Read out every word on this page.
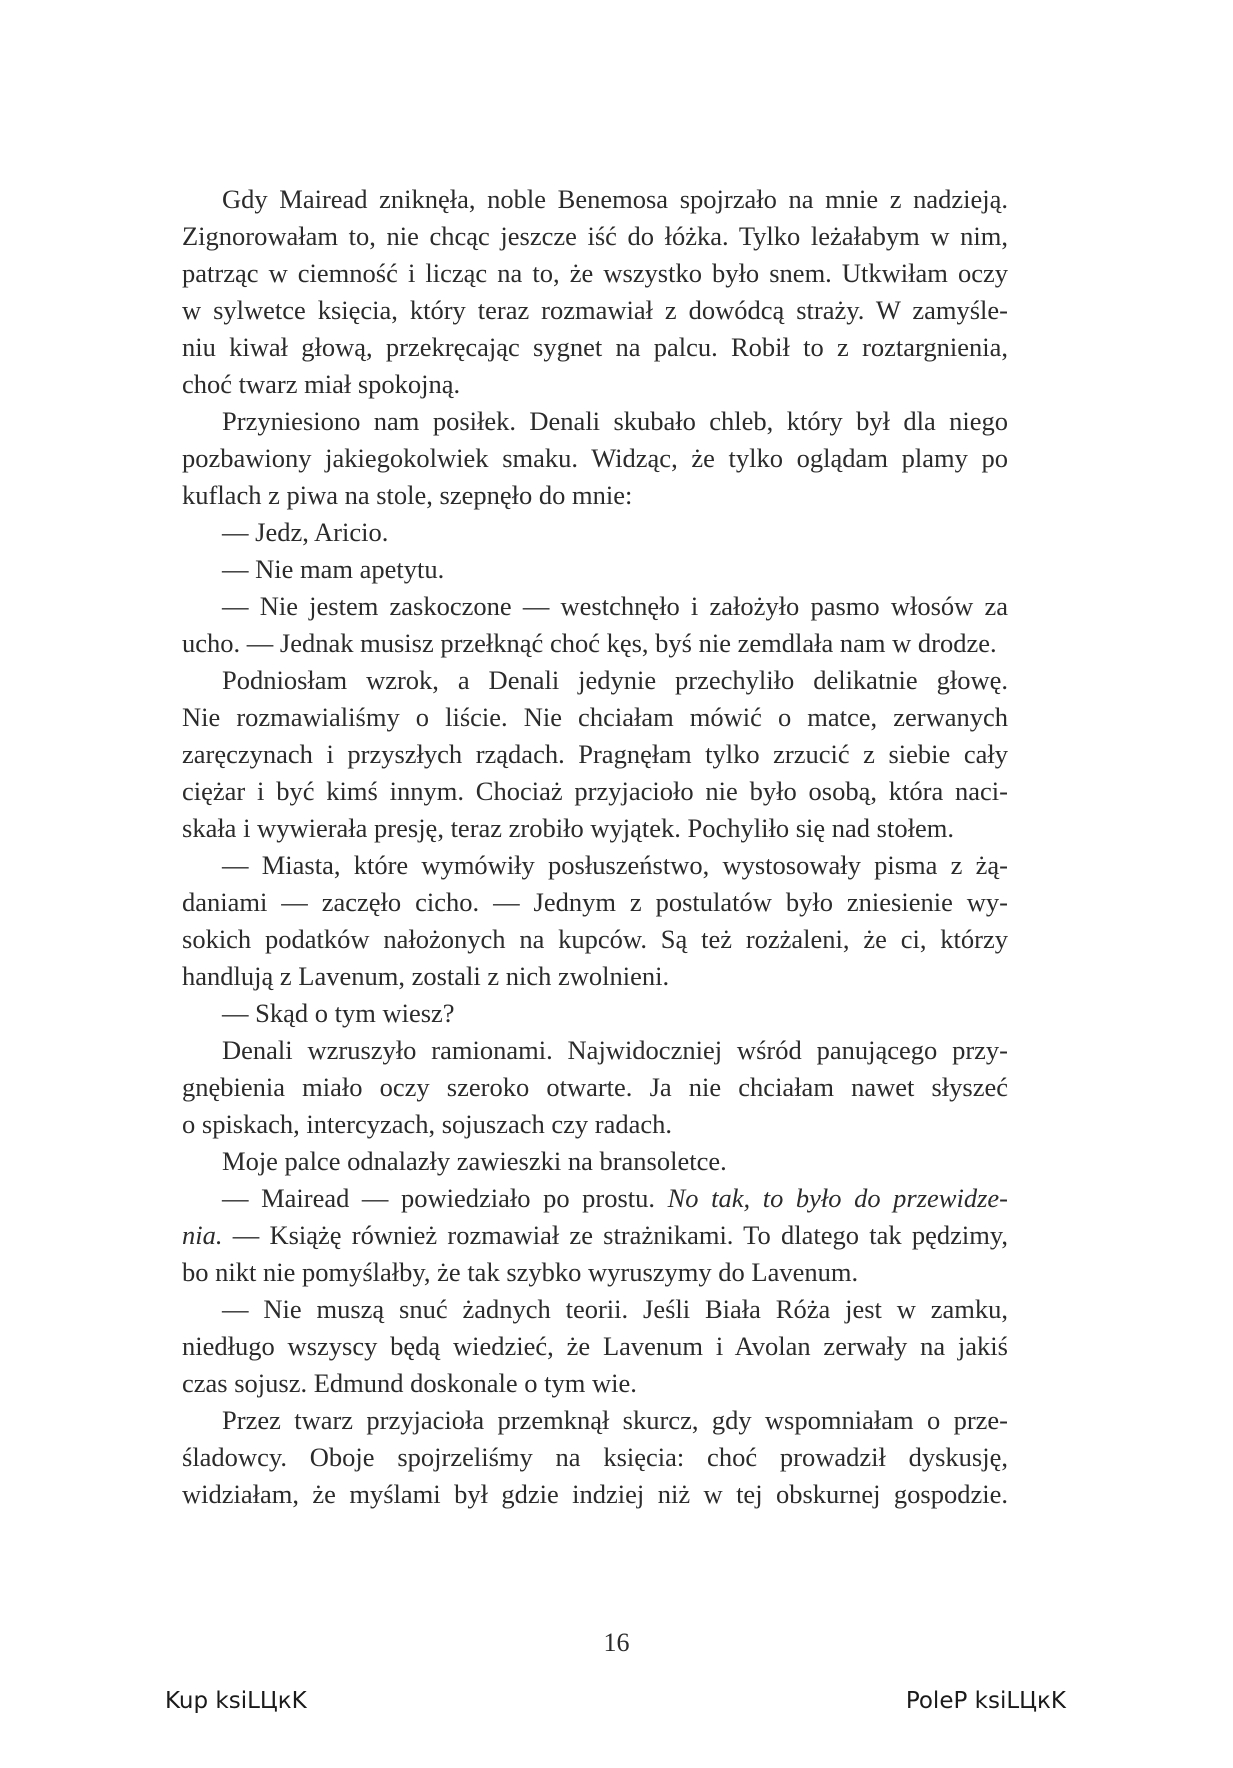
Gdy Mairead zniknęła, noble Benemosa spojrzało na mnie z nadzieją.
Zignorowałam to, nie chcąc jeszcze iść do łóżka. Tylko leżałabym w nim,
patrząc w ciemność i licząc na to, że wszystko było snem. Utkwiłam oczy
w sylwetce księcia, który teraz rozmawiał z dowódcą straży. W zamyśle-
niu kiwał głową, przekręcając sygnet na palcu. Robił to z roztargnienia,
choć twarz miał spokojną.
Przyniesiono nam posiłek. Denali skubało chleb, który był dla niego
pozbawiony jakiegokolwiek smaku. Widząc, że tylko oglądam plamy po
kuflach z piwa na stole, szepnęło do mnie:
— Jedz, Aricio.
— Nie mam apetytu.
— Nie jestem zaskoczone — westchnęło i założyło pasmo włosów za
ucho. — Jednak musisz przełknąć choć kęs, byś nie zemdlała nam w drodze.
Podniosłam wzrok, a Denali jedynie przechyliło delikatnie głowę.
Nie rozmawialiśmy o liście. Nie chciałam mówić o matce, zerwanych
zaręczynach i przyszłych rządach. Pragnęłam tylko zrzucić z siebie cały
ciężar i być kimś innym. Chociaż przyjacioło nie było osobą, która naci-
skała i wywierała presję, teraz zrobiło wyjątek. Pochyliło się nad stołem.
— Miasta, które wymówiły posłuszeństwo, wystosowały pisma z żą-
daniami — zaczęło cicho. — Jednym z postulatów było zniesienie wy-
sokich podatków nałożonych na kupców. Są też rozżaleni, że ci, którzy
handlują z Lavenum, zostali z nich zwolnieni.
— Skąd o tym wiesz?
Denali wzruszyło ramionami. Najwidoczniej wśród panującego przy-
gnębienia miało oczy szeroko otwarte. Ja nie chciałam nawet słyszeć
o spiskach, intercyzach, sojuszach czy radach.
Moje palce odnalazły zawieszki na bransoletce.
— Mairead — powiedziało po prostu. No tak, to było do przewidze-
nia. — Książę również rozmawiał ze strażnikami. To dlatego tak pędzimy,
bo nikt nie pomyślałby, że tak szybko wyruszymy do Lavenum.
— Nie muszą snuć żadnych teorii. Jeśli Biała Róża jest w zamku,
niedługo wszyscy będą wiedzieć, że Lavenum i Avolan zerwały na jakiś
czas sojusz. Edmund doskonale o tym wie.
Przez twarz przyjacioła przemknął skurcz, gdy wspomniałam o prze-
śladowcy. Oboje spojrzeliśmy na księcia: choć prowadził dyskusję,
widziałam, że myślami był gdzie indziej niż w tej obskurnej gospodzie.
16
Kup ksiLЦкK	PoleP ksiLЦкK
